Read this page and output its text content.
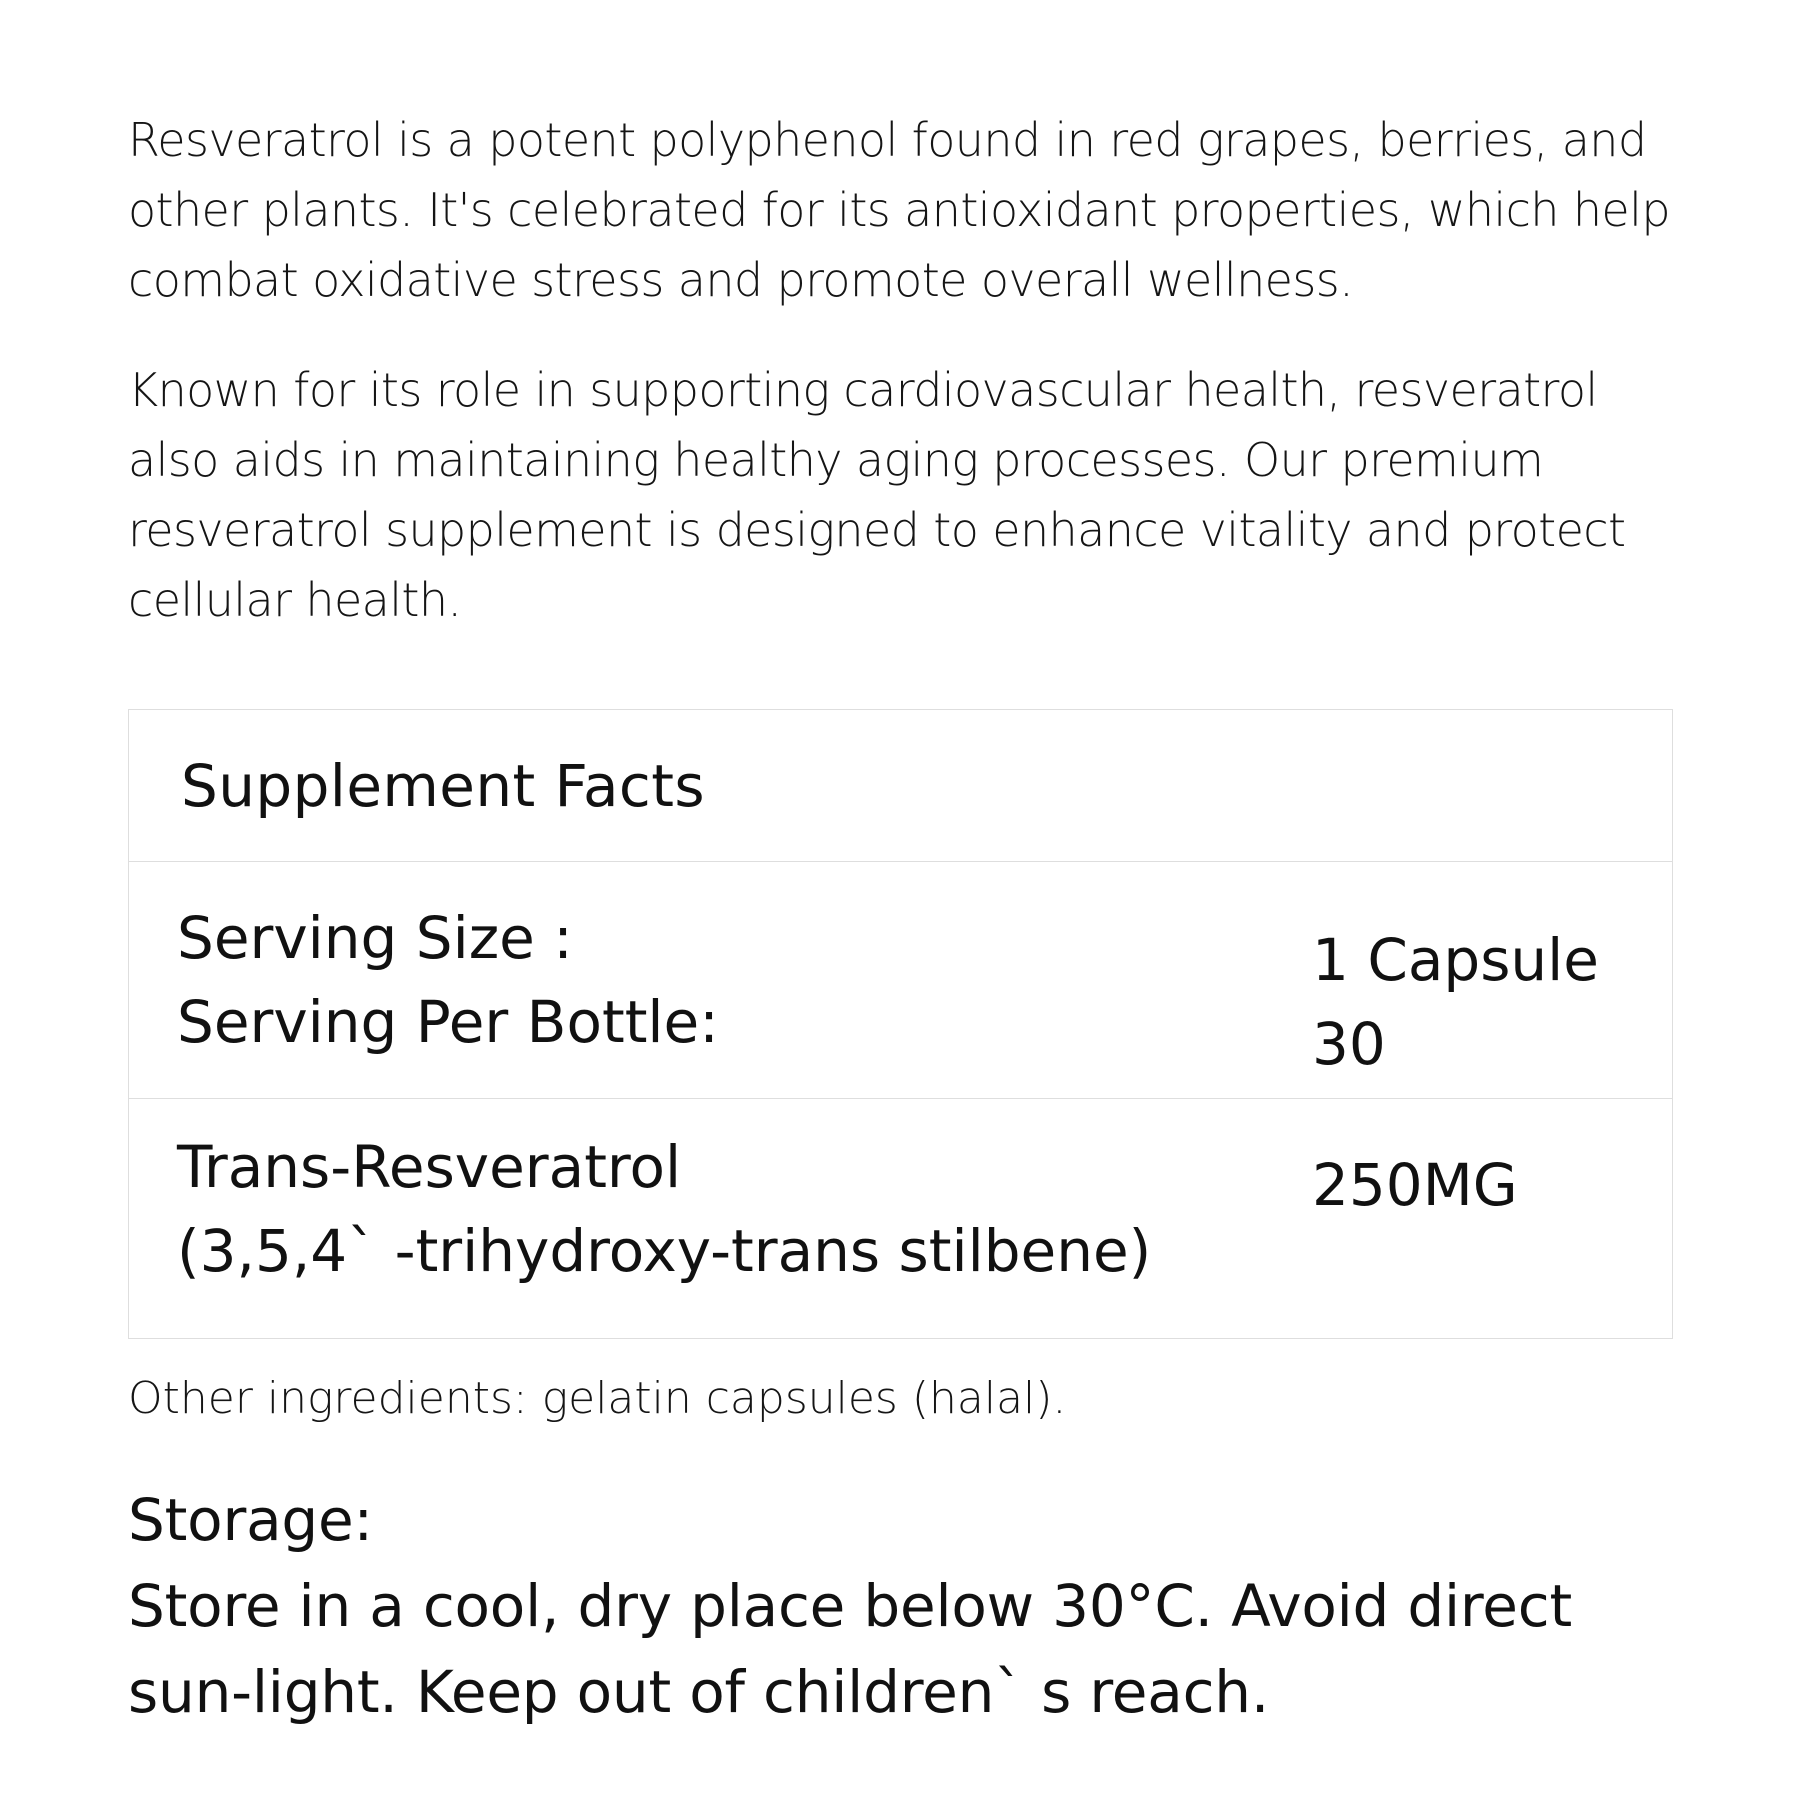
Resveratrol is a potent polyphenol found in red grapes, berries, and other plants. It's celebrated for its antioxidant properties, which help combat oxidative stress and promote overall wellness.

Known for its role in supporting cardiovascular health, resveratrol also aids in maintaining healthy aging processes. Our premium resveratrol supplement is designed to enhance vitality and protect cellular health.

Supplement Facts
Serving Size :
Serving Per Bottle:
1 Capsule
30
Trans-Resveratrol
(3,5,4` -trihydroxy-trans stilbene)
250MG
Other ingredients: gelatin capsules (halal).
Storage:
Store in a cool, dry place below 30°C. Avoid direct sun-light. Keep out of children` s reach.
